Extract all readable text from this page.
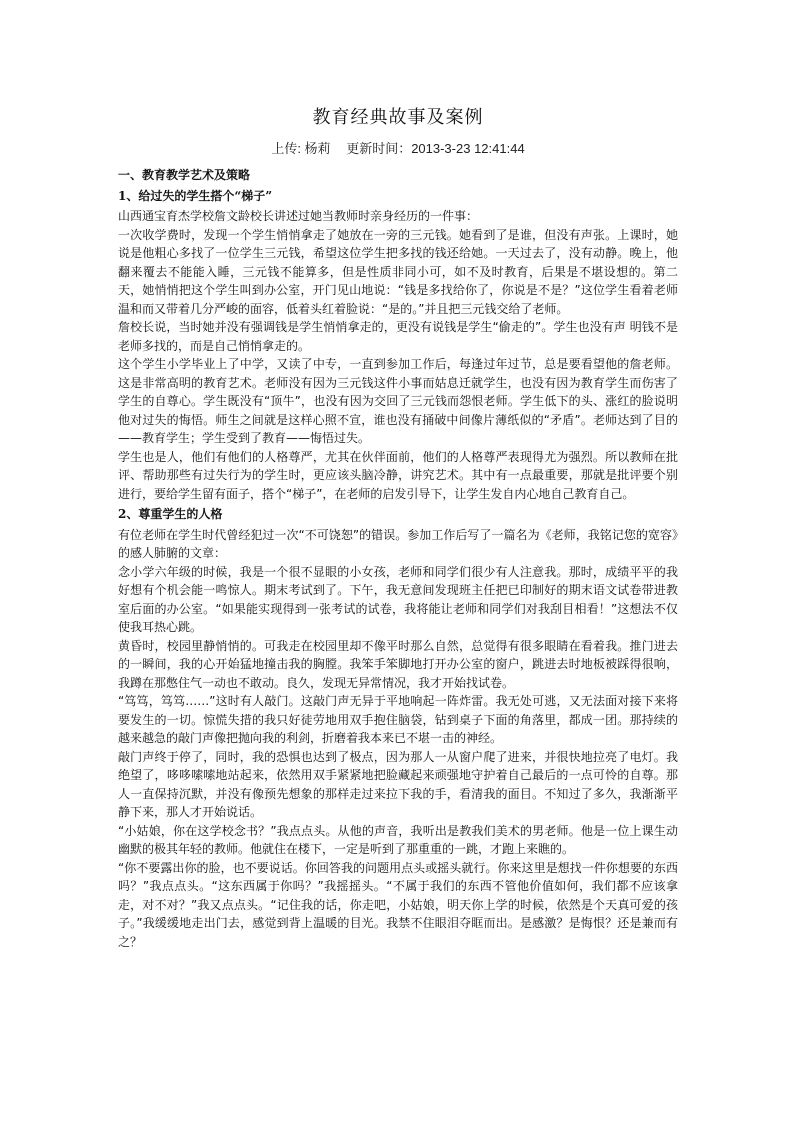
教育经典故事及案例
上传: 杨莉 更新时间：2013-3-23 12:41:44
一、教育教学艺术及策略
1、给过失的学生搭个“梯子”
山西通宝育杰学校詹文龄校长讲述过她当教师时亲身经历的一件事：
一次收学费时，发现一个学生悄悄拿走了她放在一旁的三元钱。她看到了是谁，但没有声张。上课时，她说是他粗心多找了一位学生三元钱，希望这位学生把多找的钱还给她。一天过去了，没有动静。晚上，他翻来覆去不能能入睡，三元钱不能算多，但是性质非同小可，如不及时教育，后果是不堪设想的。第二天，她悄悄把这个学生叫到办公室，开门见山地说：“钱是多找给你了，你说是不是？”这位学生看着老师温和而又带着几分严峻的面容，低着头红着脸说：“是的。”并且把三元钱交给了老师。
詹校长说，当时她并没有强调钱是学生悄悄拿走的，更没有说钱是学生“偷走的”。学生也没有声 明钱不是老师多找的，而是自己悄悄拿走的。
这个学生小学毕业上了中学，又读了中专，一直到参加工作后，每逢过年过节，总是要看望他的詹老师。这是非常高明的教育艺术。老师没有因为三元钱这件小事而姑息迁就学生，也没有因为教育学生而伤害了学生的自尊心。学生既没有“顶牛”，也没有因为交回了三元钱而怨恨老师。学生低下的头、涨红的脸说明他对过失的悔悟。师生之间就是这样心照不宣，谁也没有捅破中间像片薄纸似的“矛盾”。老师达到了目的——教育学生；学生受到了教育——悔悟过失。
学生也是人，他们有他们的人格尊严，尤其在伙伴面前，他们的人格尊严表现得尤为强烈。所以教师在批评、帮助那些有过失行为的学生时，更应该头脑冷静，讲究艺术。其中有一点最重要，那就是批评要个别进行，要给学生留有面子，搭个“梯子”，在老师的启发引导下，让学生发自内心地自己教育自己。
2、尊重学生的人格
有位老师在学生时代曾经犯过一次“不可饶恕”的错误。参加工作后写了一篇名为《老师，我铭记您的宽容》的感人肺腑的文章：
念小学六年级的时候，我是一个很不显眼的小女孩，老师和同学们很少有人注意我。那时，成绩平平的我好想有个机会能一鸣惊人。期末考试到了。下午，我无意间发现班主任把已印制好的期末语文试卷带进教室后面的办公室。“如果能实现得到一张考试的试卷，我将能让老师和同学们对我刮目相看！”这想法不仅使我耳热心跳。
黄昏时，校园里静悄悄的。可我走在校园里却不像平时那么自然，总觉得有很多眼睛在看着我。推门进去的一瞬间，我的心开始猛地撞击我的胸膛。我笨手笨脚地打开办公室的窗户，跳进去时地板被踩得很响，我蹲在那憋住气一动也不敢动。良久，发现无异常情况，我才开始找试卷。
“笃笃，笃笃……”这时有人敲门。这敲门声无异于平地响起一阵炸雷。我无处可逃，又无法面对接下来将要发生的一切。惊慌失措的我只好徒劳地用双手抱住脑袋，钻到桌子下面的角落里，都成一团。那持续的越来越急的敲门声像把抛向我的利剑，折磨着我本来已不堪一击的神经。
敲门声终于停了，同时，我的恐惧也达到了极点，因为那人一从窗户爬了进来，并很快地拉亮了电灯。我绝望了，哆哆嗦嗦地站起来，依然用双手紧紧地把脸藏起来顽强地守护着自己最后的一点可怜的自尊。那人一直保持沉默，并没有像预先想象的那样走过来拉下我的手，看清我的面目。不知过了多久，我渐渐平静下来，那人才开始说话。
“小姑娘，你在这学校念书？”我点点头。从他的声音，我听出是教我们美术的男老师。他是一位上课生动幽默的极其年轻的教师。他就住在楼下，一定是听到了那重重的一跳，才跑上来瞧的。
“你不要露出你的脸，也不要说话。你回答我的问题用点头或摇头就行。你来这里是想找一件你想要的东西吗？”我点点头。“这东西属于你吗？”我摇摇头。“不属于我们的东西不管他价值如何，我们都不应该拿走，对不对？”我又点点头。“记住我的话，你走吧，小姑娘，明天你上学的时候，依然是个天真可爱的孩子。”我缓缓地走出门去，感觉到背上温暖的目光。我禁不住眼泪夺眶而出。是感激？是悔恨？还是兼而有之？
